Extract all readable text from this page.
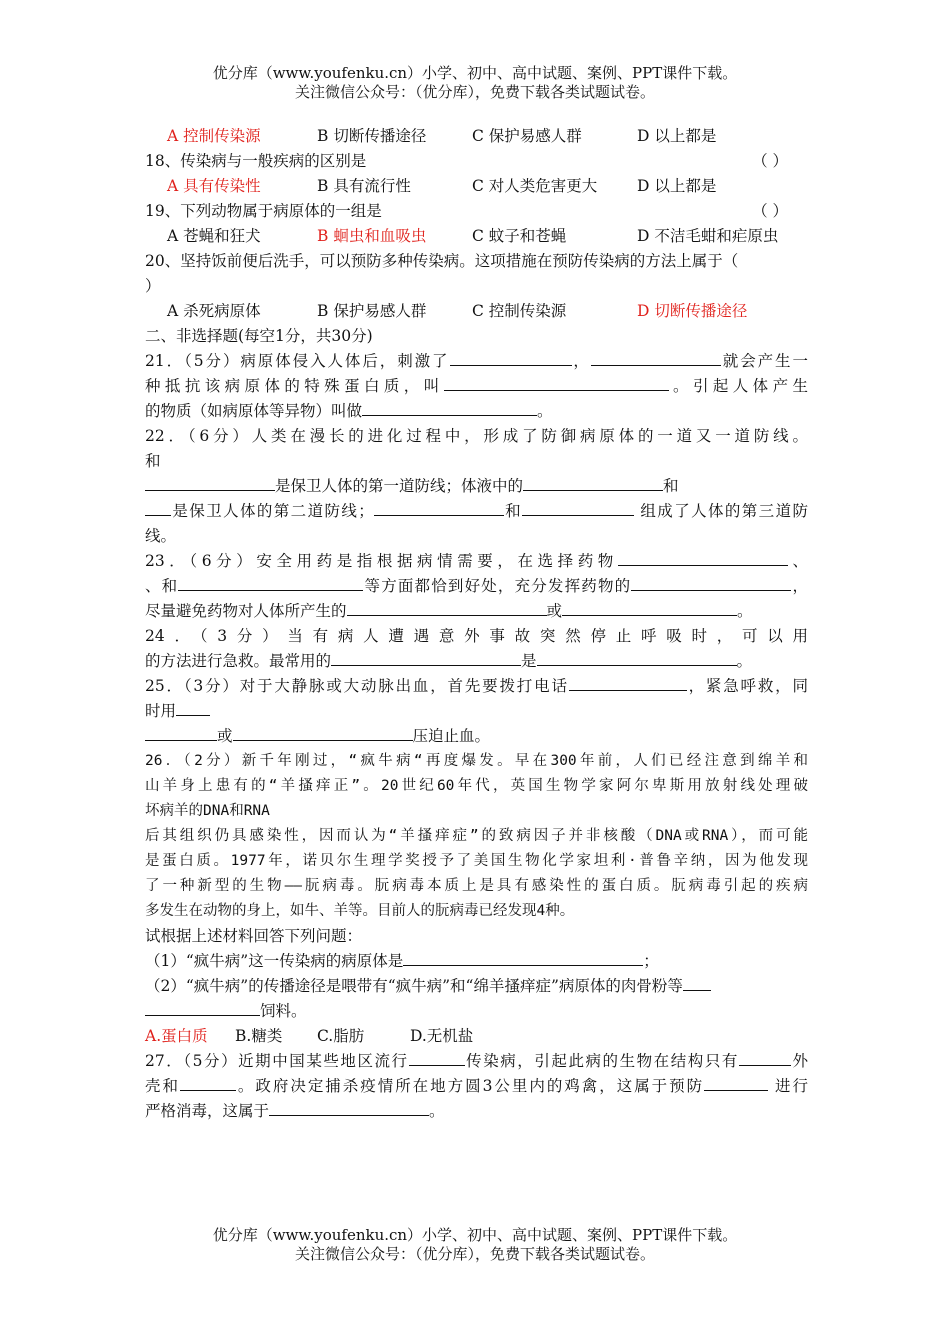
优分库（www.youfenku.cn）小学、初中、高中试题、案例、PPT课件下载。
关注微信公众号：（优分库），免费下载各类试题试卷。
A 控制传染源	B 切断传播途径	C 保护易感人群	D 以上都是
18、传染病与一般疾病的区别是	（ ）
A 具有传染性	B 具有流行性	C 对人类危害更大	D 以上都是
19、下列动物属于病原体的一组是	（ ）
A 苍蝇和狂犬	B 蛔虫和血吸虫	C 蚊子和苍蝇	D 不洁毛蚶和疟原虫
20、坚持饭前便后洗手，可以预防多种传染病。这项措施在预防传染病的方法上属于（
）
A 杀死病原体	B 保护易感人群	C 控制传染源	D 切断传播途径
二、非选择题(每空1分，共30分)
21．（5分）病原体侵入人体后，刺激了	，	就会产生一
种抵抗该病原体的特殊蛋白质，叫	。引起人体产生
的物质（如病原体等异物）叫做	。
22．（6分）人类在漫长的进化过程中，形成了防御病原体的一道又一道防线。
和
是保卫人体的第一道防线；体液中的	和
是保卫人体的第二道防线；	和	组成了人体的第三道防
线。
23．（6分）安全用药是指根据病情需要，在选择药物	、
、和	等方面都恰到好处，充分发挥药物的	，
尽量避免药物对人体所产生的	或	。
24．（3分）当有病人遭遇意外事故突然停止呼吸时，可以用
的方法进行急救。最常用的	是	。
25．（3分）对于大静脉或大动脉出血，首先要拨打电话	，紧急呼救，同
时用
或	压迫止血。
26．（2分）新千年刚过，“疯牛病“再度爆发。早在300年前，人们已经注意到绵羊和
山羊身上患有的“羊搔痒正”。20世纪60年代，英国生物学家阿尔卑斯用放射线处理破
坏病羊的DNA和RNA
后其组织仍具感染性，因而认为“羊搔痒症”的致病因子并非核酸（DNA或RNA），而可能
是蛋白质。1977年，诺贝尔生理学奖授予了美国生物化学家坦利·普鲁辛纳，因为他发现
了一种新型的生物——朊病毒。朊病毒本质上是具有感染性的蛋白质。朊病毒引起的疾病
多发生在动物的身上，如牛、羊等。目前人的朊病毒已经发现4种。
试根据上述材料回答下列问题：
（1）“疯牛病”这一传染病的病原体是	；
（2）“疯牛病”的传播途径是喂带有“疯牛病”和“绵羊搔痒症”病原体的肉骨粉等
饲料。
A.蛋白质 B.糖类 C.脂肪	D.无机盐
27．（5分）近期中国某些地区流行	传染病，引起此病的生物在结构只有	外
壳和	。政府决定捕杀疫情所在地方圆3公里内的鸡禽，这属于预防	进行
严格消毒，这属于	。
优分库（www.youfenku.cn）小学、初中、高中试题、案例、PPT课件下载。
关注微信公众号：（优分库），免费下载各类试题试卷。
